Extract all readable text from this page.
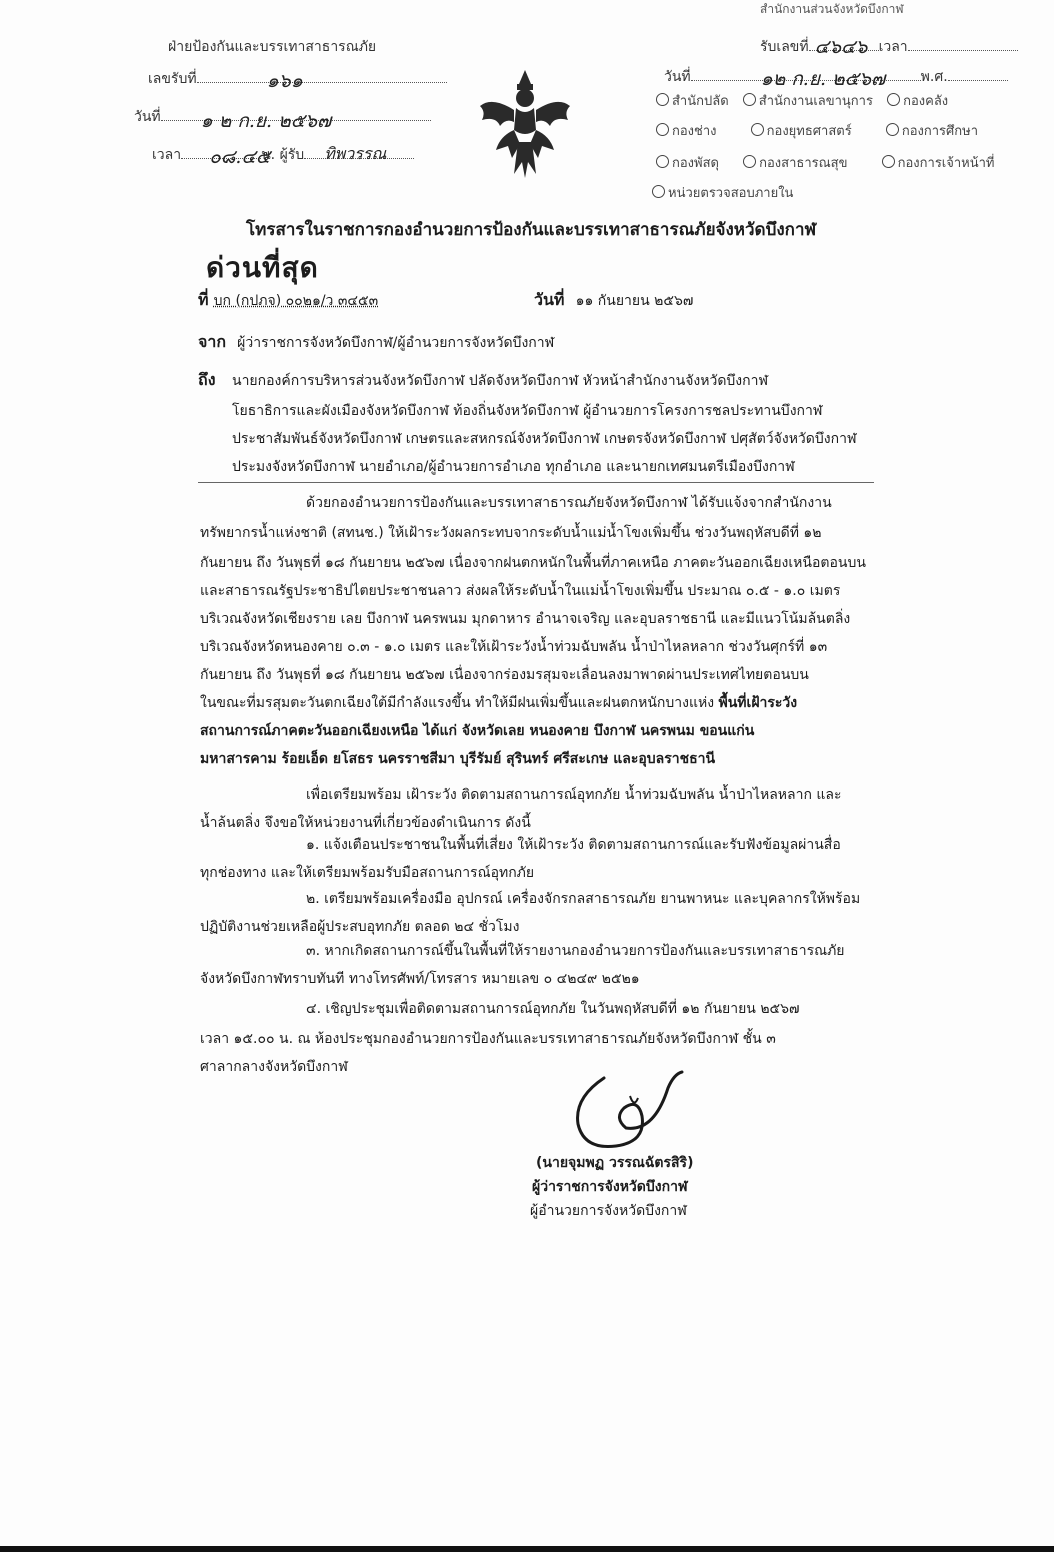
ฝ่ายป้องกันและบรรเทาสาธารณภัย
เลขรับที่	๑๖๑
วันที่ ๑ ๒ ก.ย. ๒๕๖๗
เวลา ๐๘.๔๕
น. ผู้รับ ทิพวรรณ
สำนักงานส่วนจังหวัดบึงกาฬ
รับเลขที่ ๔๖๔๖ เวลา
วันที่	๑๒ ก.ย. ๒๕๖๗	พ.ศ.
สำนักปลัด สำนักงานเลขานุการ กองคลัง
กองช่าง	กองยุทธศาสตร์	กองการศึกษา
กองพัสดุ	กองสาธารณสุข	กองการเจ้าหน้าที่
หน่วยตรวจสอบภายใน
โทรสารในราชการกองอำนวยการป้องกันและบรรเทาสาธารณภัยจังหวัดบึงกาฬ
ด่วนที่สุด
ที่ บก (กปภจ) ๐๐๒๑/ว ๓๔๕๓	วันที่ ๑๑ กันยายน ๒๕๖๗
จาก ผู้ว่าราชการจังหวัดบึงกาฬ/ผู้อำนวยการจังหวัดบึงกาฬ
ถึง นายกองค์การบริหารส่วนจังหวัดบึงกาฬ ปลัดจังหวัดบึงกาฬ หัวหน้าสำนักงานจังหวัดบึงกาฬ
โยธาธิการและผังเมืองจังหวัดบึงกาฬ ท้องถิ่นจังหวัดบึงกาฬ ผู้อำนวยการโครงการชลประทานบึงกาฬ
ประชาสัมพันธ์จังหวัดบึงกาฬ เกษตรและสหกรณ์จังหวัดบึงกาฬ เกษตรจังหวัดบึงกาฬ ปศุสัตว์จังหวัดบึงกาฬ
ประมงจังหวัดบึงกาฬ นายอำเภอ/ผู้อำนวยการอำเภอ ทุกอำเภอ และนายกเทศมนตรีเมืองบึงกาฬ
ด้วยกองอำนวยการป้องกันและบรรเทาสาธารณภัยจังหวัดบึงกาฬ ได้รับแจ้งจากสำนักงาน
ทรัพยากรน้ำแห่งชาติ (สทนช.) ให้เฝ้าระวังผลกระทบจากระดับน้ำแม่น้ำโขงเพิ่มขึ้น ช่วงวันพฤหัสบดีที่ ๑๒
กันยายน ถึง วันพุธที่ ๑๘ กันยายน ๒๕๖๗ เนื่องจากฝนตกหนักในพื้นที่ภาคเหนือ ภาคตะวันออกเฉียงเหนือตอนบน
และสาธารณรัฐประชาธิปไตยประชาชนลาว ส่งผลให้ระดับน้ำในแม่น้ำโขงเพิ่มขึ้น ประมาณ ๐.๕ - ๑.๐ เมตร
บริเวณจังหวัดเชียงราย เลย บึงกาฬ นครพนม มุกดาหาร อำนาจเจริญ และอุบลราชธานี และมีแนวโน้มล้นตลิ่ง
บริเวณจังหวัดหนองคาย ๐.๓ - ๑.๐ เมตร และให้เฝ้าระวังน้ำท่วมฉับพลัน น้ำป่าไหลหลาก ช่วงวันศุกร์ที่ ๑๓
กันยายน ถึง วันพุธที่ ๑๘ กันยายน ๒๕๖๗ เนื่องจากร่องมรสุมจะเลื่อนลงมาพาดผ่านประเทศไทยตอนบน
ในขณะที่มรสุมตะวันตกเฉียงใต้มีกำลังแรงขึ้น ทำให้มีฝนเพิ่มขึ้นและฝนตกหนักบางแห่ง พื้นที่เฝ้าระวัง
สถานการณ์ภาคตะวันออกเฉียงเหนือ ได้แก่ จังหวัดเลย หนองคาย บึงกาฬ นครพนม ขอนแก่น
มหาสารคาม ร้อยเอ็ด ยโสธร นครราชสีมา บุรีรัมย์ สุรินทร์ ศรีสะเกษ และอุบลราชธานี
เพื่อเตรียมพร้อม เฝ้าระวัง ติดตามสถานการณ์อุทกภัย น้ำท่วมฉับพลัน น้ำป่าไหลหลาก และ
น้ำล้นตลิ่ง จึงขอให้หน่วยงานที่เกี่ยวข้องดำเนินการ ดังนี้
๑. แจ้งเตือนประชาชนในพื้นที่เสี่ยง ให้เฝ้าระวัง ติดตามสถานการณ์และรับฟังข้อมูลผ่านสื่อ
ทุกช่องทาง และให้เตรียมพร้อมรับมือสถานการณ์อุทกภัย
๒. เตรียมพร้อมเครื่องมือ อุปกรณ์ เครื่องจักรกลสาธารณภัย ยานพาหนะ และบุคลากรให้พร้อม
ปฏิบัติงานช่วยเหลือผู้ประสบอุทกภัย ตลอด ๒๔ ชั่วโมง
๓. หากเกิดสถานการณ์ขึ้นในพื้นที่ให้รายงานกองอำนวยการป้องกันและบรรเทาสาธารณภัย
จังหวัดบึงกาฬทราบทันที ทางโทรศัพท์/โทรสาร หมายเลข ๐ ๔๒๔๙ ๒๕๒๑
๔. เชิญประชุมเพื่อติดตามสถานการณ์อุทกภัย ในวันพฤหัสบดีที่ ๑๒ กันยายน ๒๕๖๗
เวลา ๑๕.๐๐ น. ณ ห้องประชุมกองอำนวยการป้องกันและบรรเทาสาธารณภัยจังหวัดบึงกาฬ ชั้น ๓
ศาลากลางจังหวัดบึงกาฬ
(นายจุมพฏ วรรณฉัตรสิริ)
ผู้ว่าราชการจังหวัดบึงกาฬ
ผู้อำนวยการจังหวัดบึงกาฬ
